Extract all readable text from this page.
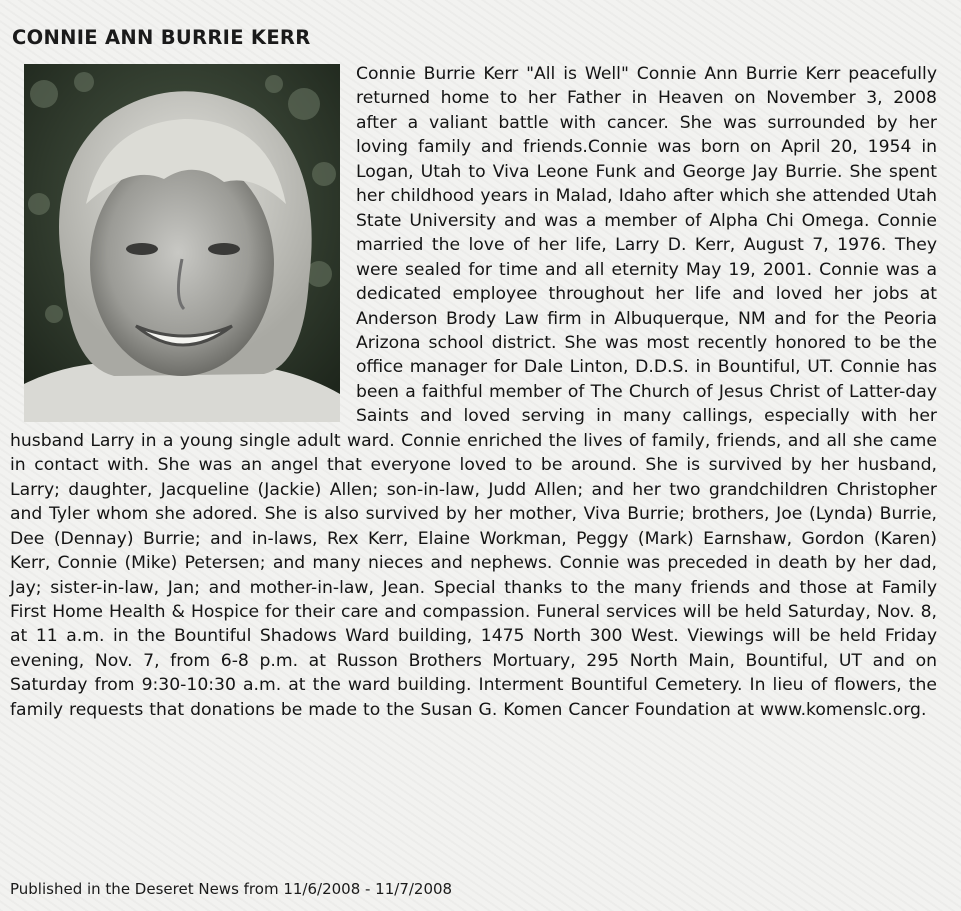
CONNIE ANN BURRIE KERR
Connie Burrie Kerr "All is Well" Connie Ann Burrie Kerr peacefully returned home to her Father in Heaven on November 3, 2008 after a valiant battle with cancer. She was surrounded by her loving family and friends.Connie was born on April 20, 1954 in Logan, Utah to Viva Leone Funk and George Jay Burrie. She spent her childhood years in Malad, Idaho after which she attended Utah State University and was a member of Alpha Chi Omega. Connie married the love of her life, Larry D. Kerr, August 7, 1976. They were sealed for time and all eternity May 19, 2001. Connie was a dedicated employee throughout her life and loved her jobs at Anderson Brody Law firm in Albuquerque, NM and for the Peoria Arizona school district. She was most recently honored to be the office manager for Dale Linton, D.D.S. in Bountiful, UT. Connie has been a faithful member of The Church of Jesus Christ of Latter-day Saints and loved serving in many callings, especially with her husband Larry in a young single adult ward. Connie enriched the lives of family, friends, and all she came in contact with. She was an angel that everyone loved to be around. She is survived by her husband, Larry; daughter, Jacqueline (Jackie) Allen; son-in-law, Judd Allen; and her two grandchildren Christopher and Tyler whom she adored. She is also survived by her mother, Viva Burrie; brothers, Joe (Lynda) Burrie, Dee (Dennay) Burrie; and in-laws, Rex Kerr, Elaine Workman, Peggy (Mark) Earnshaw, Gordon (Karen) Kerr, Connie (Mike) Petersen; and many nieces and nephews. Connie was preceded in death by her dad, Jay; sister-in-law, Jan; and mother-in-law, Jean. Special thanks to the many friends and those at Family First Home Health & Hospice for their care and compassion. Funeral services will be held Saturday, Nov. 8, at 11 a.m. in the Bountiful Shadows Ward building, 1475 North 300 West. Viewings will be held Friday evening, Nov. 7, from 6-8 p.m. at Russon Brothers Mortuary, 295 North Main, Bountiful, UT and on Saturday from 9:30-10:30 a.m. at the ward building. Interment Bountiful Cemetery. In lieu of flowers, the family requests that donations be made to the Susan G. Komen Cancer Foundation at www.komenslc.org.
Published in the Deseret News from 11/6/2008 - 11/7/2008
